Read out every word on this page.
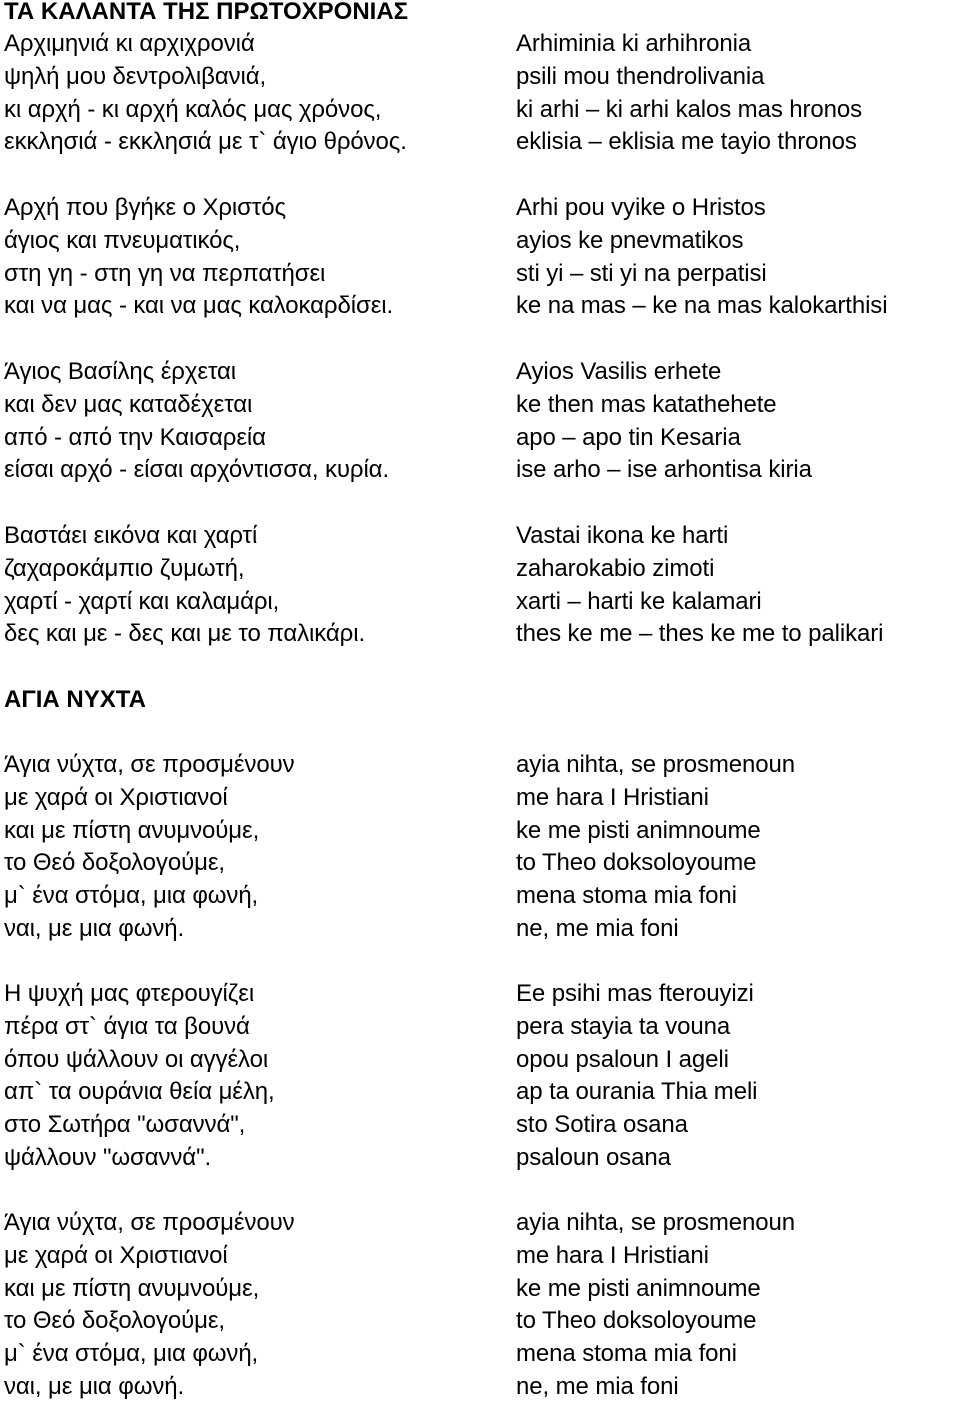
ΤΑ ΚΑΛΑΝΤΑ ΤΗΣ ΠΡΩΤΟΧΡΟΝΙΑΣ
Αρχιμηνιά κι αρχιχρονιά
ψηλή μου δεντρολιβανιά,
κι αρχή - κι αρχή καλός μας χρόνος,
εκκλησιά - εκκλησιά με τ` άγιο θρόνος.
Arhiminia ki arhihronia
psili mou thendrolivania
ki arhi – ki arhi kalos mas hronos
eklisia – eklisia me tayio thronos
Αρχή που βγήκε ο Χριστός
άγιος και πνευματικός,
στη γη - στη γη να περπατήσει
και να μας - και να μας καλοκαρδίσει.
Arhi pou vyike o Hristos
ayios ke pnevmatikos
sti yi – sti yi na perpatisi
ke na mas – ke na mas kalokarthisi
Άγιος Βασίλης έρχεται
και δεν μας καταδέχεται
από - από την Καισαρεία
είσαι αρχό - είσαι αρχόντισσα, κυρία.
Ayios Vasilis erhete
ke then mas katathehete
apo – apo tin Kesaria
ise arho – ise arhontisa kiria
Βαστάει εικόνα και χαρτί
ζαχαροκάμπιο ζυμωτή,
χαρτί - χαρτί και καλαμάρι,
δες και με - δες και με το παλικάρι.
Vastai ikona ke harti
zaharokabio zimoti
xarti – harti ke kalamari
thes ke me – thes ke me to palikari
ΑΓΙΑ ΝΥΧΤΑ
Άγια νύχτα, σε προσμένουν
με χαρά οι Χριστιανοί
και με πίστη ανυμνούμε,
το Θεό δοξολογούμε,
μ` ένα στόμα, μια φωνή,
ναι, με μια φωνή.
ayia nihta, se prosmenoun
me hara I Hristiani
ke me pisti animnoume
to Theo doksoloyoume
mena stoma mia foni
ne, me mia foni
Η ψυχή μας φτερουγίζει
πέρα στ` άγια τα βουνά
όπου ψάλλουν οι αγγέλοι
απ` τα ουράνια θεία μέλη,
στο Σωτήρα "ωσαννά",
ψάλλουν "ωσαννά".
Ee psihi mas fterouyizi
pera stayia ta vouna
opou psaloun I ageli
ap ta ourania Thia meli
sto Sotira osana
psaloun osana
Άγια νύχτα, σε προσμένουν
με χαρά οι Χριστιανοί
και με πίστη ανυμνούμε,
το Θεό δοξολογούμε,
μ` ένα στόμα, μια φωνή,
ναι, με μια φωνή.
ayia nihta, se prosmenoun
me hara I Hristiani
ke me pisti animnoume
to Theo doksoloyoume
mena stoma mia foni
ne, me mia foni
